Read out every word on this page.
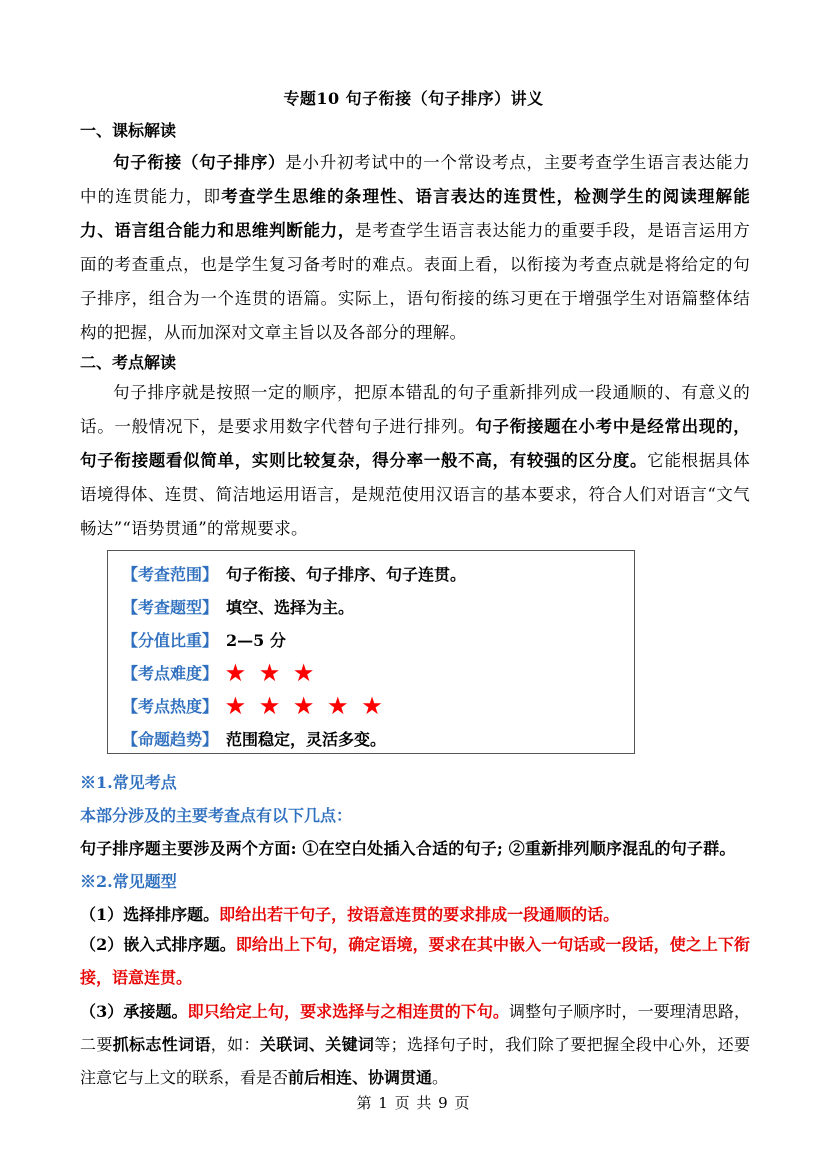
专题10 句子衔接（句子排序）讲义
一、课标解读

句子衔接（句子排序）是小升初考试中的一个常设考点，主要考查学生语言表达能力中的连贯能力，即考查学生思维的条理性、语言表达的连贯性，检测学生的阅读理解能力、语言组合能力和思维判断能力，是考查学生语言表达能力的重要手段，是语言运用方面的考查重点，也是学生复习备考时的难点。表面上看，以衔接为考查点就是将给定的句子排序，组合为一个连贯的语篇。实际上，语句衔接的练习更在于增强学生对语篇整体结构的把握，从而加深对文章主旨以及各部分的理解。

二、考点解读

句子排序就是按照一定的顺序，把原本错乱的句子重新排列成一段通顺的、有意义的话。一般情况下，是要求用数字代替句子进行排列。句子衔接题在小考中是经常出现的，句子衔接题看似简单，实则比较复杂，得分率一般不高，有较强的区分度。它能根据具体语境得体、连贯、简洁地运用语言，是规范使用汉语言的基本要求，符合人们对语言“文气畅达”“语势贯通”的常规要求。

【考查范围】 句子衔接、句子排序、句子连贯。
【考查题型】 填空、选择为主。
【分值比重】 2—5 分
【考点难度】 ★ ★ ★
【考点热度】 ★ ★ ★ ★ ★
【命题趋势】 范围稳定，灵活多变。
※1.常见考点
本部分涉及的主要考查点有以下几点：
句子排序题主要涉及两个方面: ①在空白处插入合适的句子; ②重新排列顺序混乱的句子群。
※2.常见题型
（1）选择排序题。即给出若干句子，按语意连贯的要求排成一段通顺的话。
（2）嵌入式排序题。即给出上下句，确定语境，要求在其中嵌入一句话或一段话，使之上下衔接，语意连贯。
（3）承接题。即只给定上句，要求选择与之相连贯的下句。调整句子顺序时，一要理清思路，二要抓标志性词语，如：关联词、关键词等；选择句子时，我们除了要把握全段中心外，还要注意它与上文的联系，看是否前后相连、协调贯通。
第 1 页 共 9 页
